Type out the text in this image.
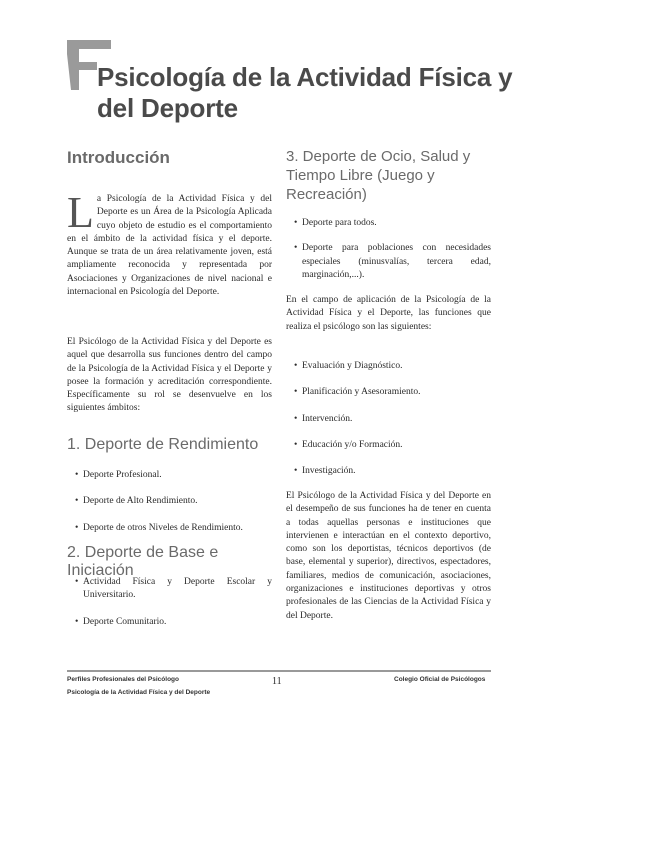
Psicología de la Actividad Física y del Deporte
Introducción

La Psicología de la Actividad Física y del Deporte es un Área de la Psicología Aplicada cuyo objeto de estudio es el comportamiento en el ámbito de la actividad física y el deporte. Aunque se trata de un área relativamente joven, está ampliamente reconocida y representada por Asociaciones y Organizaciones de nivel nacional e internacional en Psicología del Deporte.

El Psicólogo de la Actividad Física y del Deporte es aquel que desarrolla sus funciones dentro del campo de la Psicología de la Actividad Física y el Deporte y posee la formación y acreditación correspondiente. Específicamente su rol se desenvuelve en los siguientes ámbitos:

1. Deporte de Rendimiento
• Deporte Profesional.
• Deporte de Alto Rendimiento.
• Deporte de otros Niveles de Rendimiento.
2. Deporte de Base e Iniciación
• Actividad Física y Deporte Escolar y Universitario.
• Deporte Comunitario.
3. Deporte de Ocio, Salud y Tiempo Libre (Juego y Recreación)
• Deporte para todos.
• Deporte para poblaciones con necesidades especiales (minusvalías, tercera edad, marginación,...).

En el campo de aplicación de la Psicología de la Actividad Física y el Deporte, las funciones que realiza el psicólogo son las siguientes:

• Evaluación y Diagnóstico.
• Planificación y Asesoramiento.
• Intervención.
• Educación y/o Formación.
• Investigación.

El Psicólogo de la Actividad Física y del Deporte en el desempeño de sus funciones ha de tener en cuenta a todas aquellas personas e instituciones que intervienen e interactúan en el contexto deportivo, como son los deportistas, técnicos deportivos (de base, elemental y superior), directivos, espectadores, familiares, medios de comunicación, asociaciones, organizaciones e instituciones deportivas y otros profesionales de las Ciencias de la Actividad Física y del Deporte.

Perfiles Profesionales del Psicólogo
Psicología de la Actividad Física y del Deporte
11	Colegio Oficial de Psicólogos
